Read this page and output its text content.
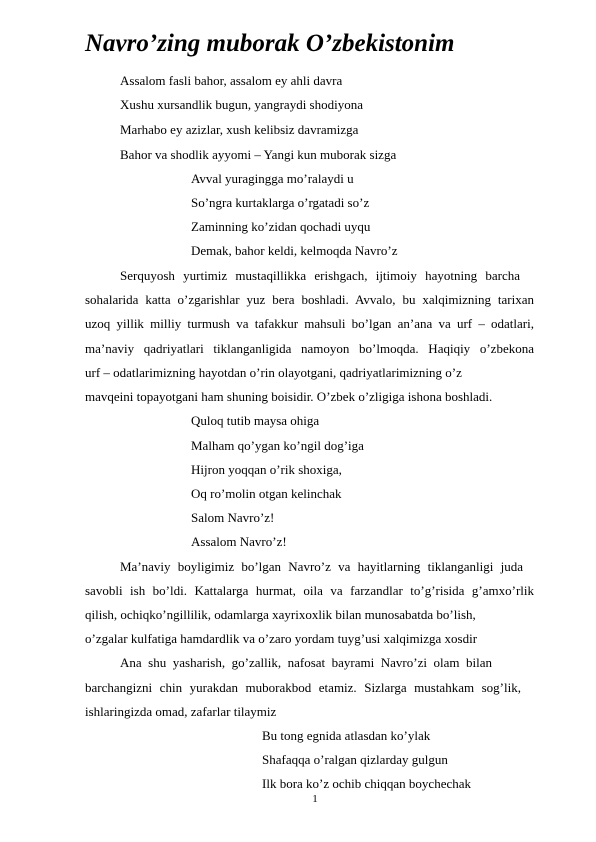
Navro’zing muborak O’zbekistonim
Assalom fasli bahor, assalom ey ahli davra
Xushu xursandlik bugun, yangraydi shodiyona
Marhabo ey azizlar, xush kelibsiz davramizga
Bahor va shodlik ayyomi – Yangi kun muborak sizga
Avval yuragingga mo’ralaydi u
So’ngra kurtaklarga o’rgatadi so’z
Zaminning ko’zidan qochadi uyqu
Demak, bahor keldi, kelmoqda Navro’z
Serquyosh yurtimiz mustaqillikka erishgach, ijtimoiy hayotning barcha
sohalarida katta o’zgarishlar yuz bera boshladi. Avvalo, bu xalqimizning tarixan
uzoq yillik milliy turmush va tafakkur mahsuli bo’lgan an’ana va urf – odatlari,
ma’naviy qadriyatlari tiklanganligida namoyon bo’lmoqda. Haqiqiy o’zbekona
urf – odatlarimizning hayotdan o’rin olayotgani, qadriyatlarimizning o’z
mavqeini topayotgani ham shuning boisidir. O’zbek o’zligiga ishona boshladi.
Quloq tutib maysa ohiga
Malham qo’ygan ko’ngil dog’iga
Hijron yoqqan o’rik shoxiga,
Oq ro’molin otgan kelinchak
Salom Navro’z!
Assalom Navro’z!
Ma’naviy boyligimiz bo’lgan Navro’z va hayitlarning tiklanganligi juda
savobli ish bo’ldi. Kattalarga hurmat, oila va farzandlar to’g’risida g’amxo’rlik
qilish, ochiqko’ngillilik, odamlarga xayrixoxlik bilan munosabatda bo’lish,
o’zgalar kulfatiga hamdardlik va o’zaro yordam tuyg’usi xalqimizga xosdir
Ana shu yasharish, go’zallik, nafosat bayrami Navro’zi olam bilan
barchangizni chin yurakdan muborakbod etamiz. Sizlarga mustahkam sog’lik,
ishlaringizda omad, zafarlar tilaymiz
Bu tong egnida atlasdan ko’ylak
Shafaqqa o’ralgan qizlarday gulgun
Ilk bora ko’z ochib chiqqan boychechak
1
